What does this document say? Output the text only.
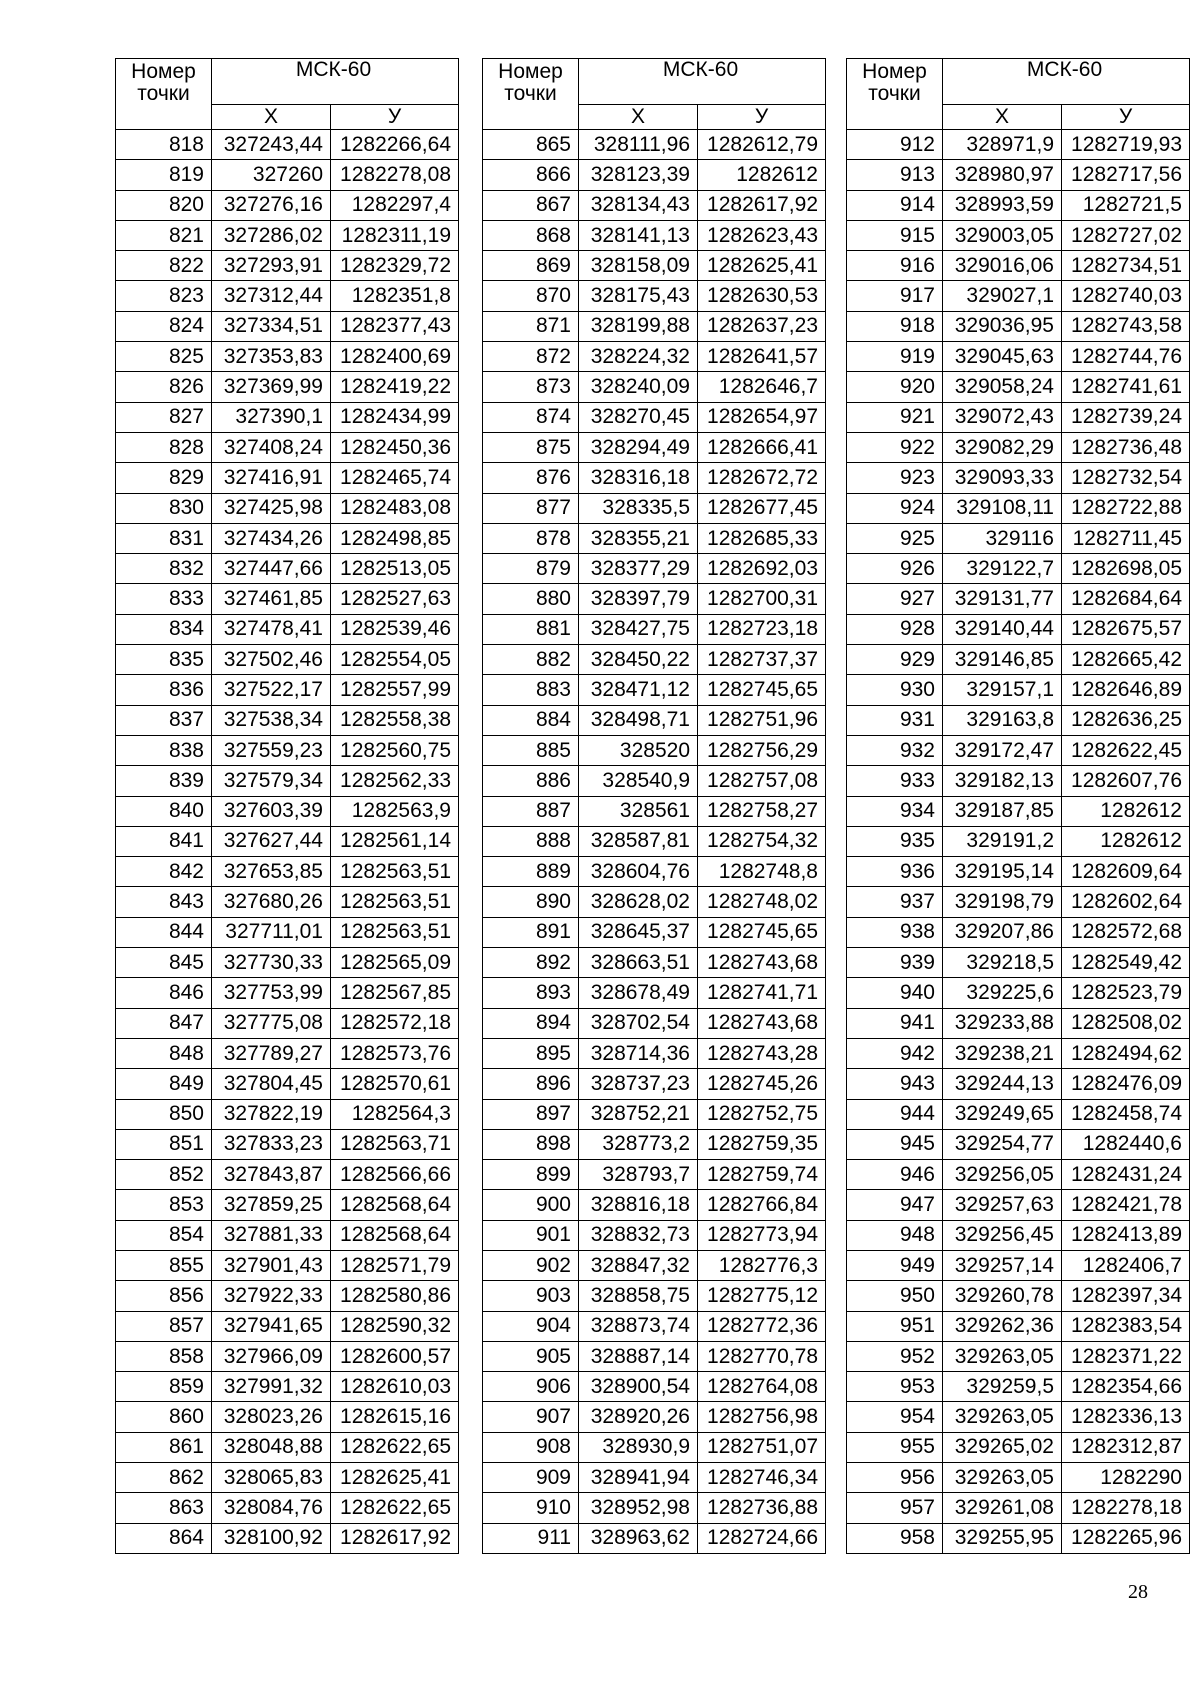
Номер
точки	МСК-60	
	X	У
818	327243,44	1282266,64
819	327260	1282278,08
820	327276,16	1282297,4
821	327286,02	1282311,19
822	327293,91	1282329,72
823	327312,44	1282351,8
824	327334,51	1282377,43
825	327353,83	1282400,69
826	327369,99	1282419,22
827	327390,1	1282434,99
828	327408,24	1282450,36
829	327416,91	1282465,74
830	327425,98	1282483,08
831	327434,26	1282498,85
832	327447,66	1282513,05
833	327461,85	1282527,63
834	327478,41	1282539,46
835	327502,46	1282554,05
836	327522,17	1282557,99
837	327538,34	1282558,38
838	327559,23	1282560,75
839	327579,34	1282562,33
840	327603,39	1282563,9
841	327627,44	1282561,14
842	327653,85	1282563,51
843	327680,26	1282563,51
844	327711,01	1282563,51
845	327730,33	1282565,09
846	327753,99	1282567,85
847	327775,08	1282572,18
848	327789,27	1282573,76
849	327804,45	1282570,61
850	327822,19	1282564,3
851	327833,23	1282563,71
852	327843,87	1282566,66
853	327859,25	1282568,64
854	327881,33	1282568,64
855	327901,43	1282571,79
856	327922,33	1282580,86
857	327941,65	1282590,32
858	327966,09	1282600,57
859	327991,32	1282610,03
860	328023,26	1282615,16
861	328048,88	1282622,65
862	328065,83	1282625,41
863	328084,76	1282622,65
864	328100,92	1282617,92
Номер
точки	МСК-60	
	X	У
865	328111,96	1282612,79
866	328123,39	1282612
867	328134,43	1282617,92
868	328141,13	1282623,43
869	328158,09	1282625,41
870	328175,43	1282630,53
871	328199,88	1282637,23
872	328224,32	1282641,57
873	328240,09	1282646,7
874	328270,45	1282654,97
875	328294,49	1282666,41
876	328316,18	1282672,72
877	328335,5	1282677,45
878	328355,21	1282685,33
879	328377,29	1282692,03
880	328397,79	1282700,31
881	328427,75	1282723,18
882	328450,22	1282737,37
883	328471,12	1282745,65
884	328498,71	1282751,96
885	328520	1282756,29
886	328540,9	1282757,08
887	328561	1282758,27
888	328587,81	1282754,32
889	328604,76	1282748,8
890	328628,02	1282748,02
891	328645,37	1282745,65
892	328663,51	1282743,68
893	328678,49	1282741,71
894	328702,54	1282743,68
895	328714,36	1282743,28
896	328737,23	1282745,26
897	328752,21	1282752,75
898	328773,2	1282759,35
899	328793,7	1282759,74
900	328816,18	1282766,84
901	328832,73	1282773,94
902	328847,32	1282776,3
903	328858,75	1282775,12
904	328873,74	1282772,36
905	328887,14	1282770,78
906	328900,54	1282764,08
907	328920,26	1282756,98
908	328930,9	1282751,07
909	328941,94	1282746,34
910	328952,98	1282736,88
911	328963,62	1282724,66
Номер
точки	МСК-60	
	X	У
912	328971,9	1282719,93
913	328980,97	1282717,56
914	328993,59	1282721,5
915	329003,05	1282727,02
916	329016,06	1282734,51
917	329027,1	1282740,03
918	329036,95	1282743,58
919	329045,63	1282744,76
920	329058,24	1282741,61
921	329072,43	1282739,24
922	329082,29	1282736,48
923	329093,33	1282732,54
924	329108,11	1282722,88
925	329116	1282711,45
926	329122,7	1282698,05
927	329131,77	1282684,64
928	329140,44	1282675,57
929	329146,85	1282665,42
930	329157,1	1282646,89
931	329163,8	1282636,25
932	329172,47	1282622,45
933	329182,13	1282607,76
934	329187,85	1282612
935	329191,2	1282612
936	329195,14	1282609,64
937	329198,79	1282602,64
938	329207,86	1282572,68
939	329218,5	1282549,42
940	329225,6	1282523,79
941	329233,88	1282508,02
942	329238,21	1282494,62
943	329244,13	1282476,09
944	329249,65	1282458,74
945	329254,77	1282440,6
946	329256,05	1282431,24
947	329257,63	1282421,78
948	329256,45	1282413,89
949	329257,14	1282406,7
950	329260,78	1282397,34
951	329262,36	1282383,54
952	329263,05	1282371,22
953	329259,5	1282354,66
954	329263,05	1282336,13
955	329265,02	1282312,87
956	329263,05	1282290
957	329261,08	1282278,18
958	329255,95	1282265,96
28
